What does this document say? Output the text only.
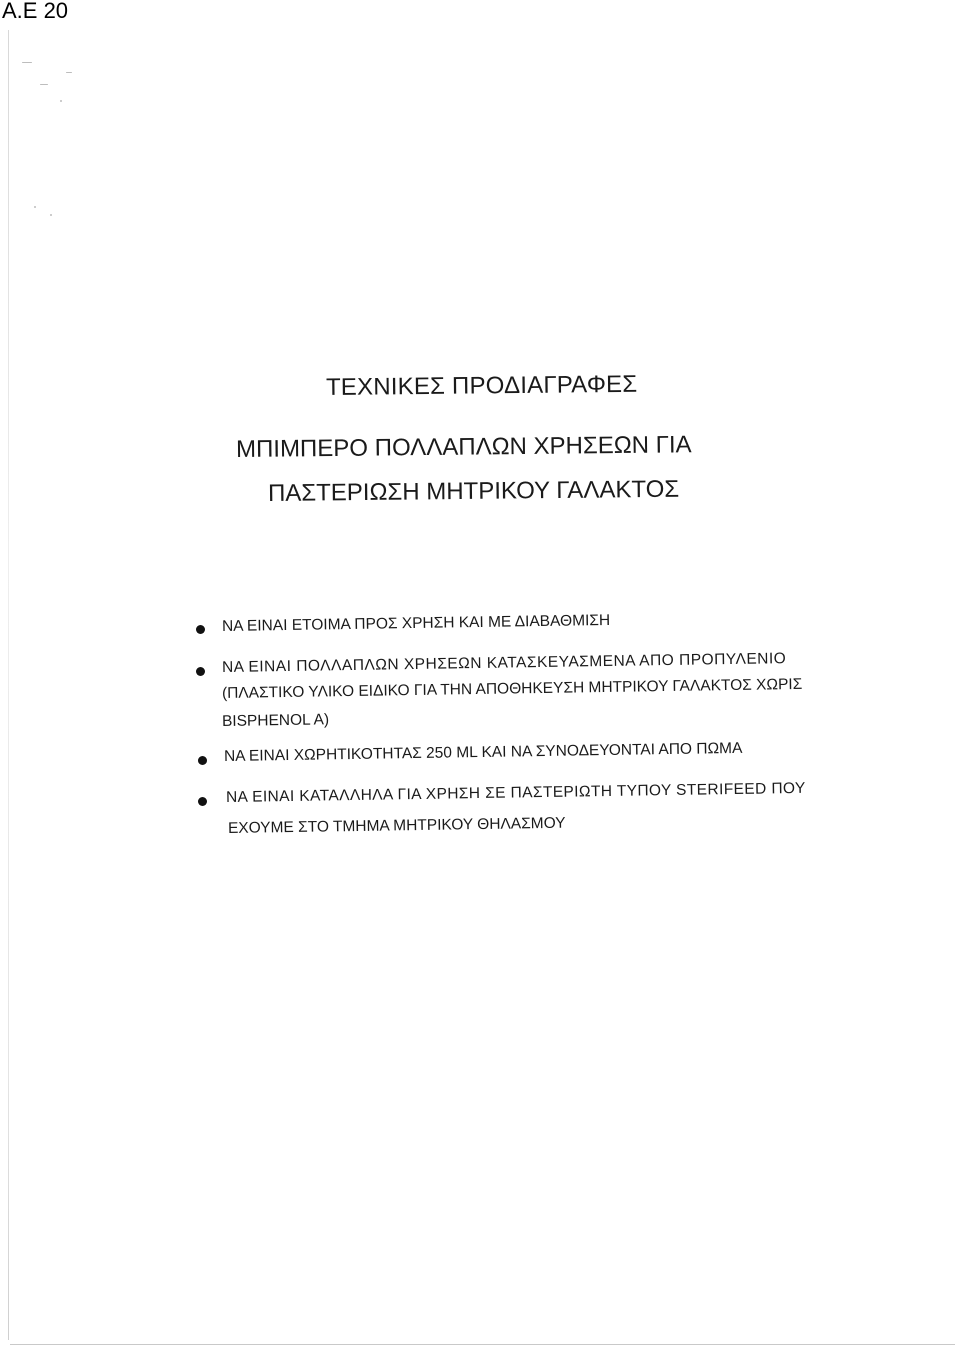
Α.Ε 20
ΤΕΧΝΙΚΕΣ ΠΡΟΔΙΑΓΡΑΦΕΣ
ΜΠΙΜΠΕΡΟ ΠΟΛΛΑΠΛΩΝ ΧΡΗΣΕΩΝ ΓΙΑ
ΠΑΣΤΕΡΙΩΣΗ ΜΗΤΡΙΚΟΥ ΓΑΛΑΚΤΟΣ
ΝΑ ΕΙΝΑΙ ΕΤΟΙΜΑ ΠΡΟΣ ΧΡΗΣΗ ΚΑΙ ΜΕ ΔΙΑΒΑΘΜΙΣΗ
ΝΑ ΕΙΝΑΙ ΠΟΛΛΑΠΛΩΝ ΧΡΗΣΕΩΝ ΚΑΤΑΣΚΕΥΑΣΜΕΝΑ ΑΠΟ ΠΡΟΠΥΛΕΝΙΟ
(ΠΛΑΣΤΙΚΟ ΥΛΙΚΟ ΕΙΔΙΚΟ ΓΙΑ ΤΗΝ ΑΠΟΘΗΚΕΥΣΗ ΜΗΤΡΙΚΟΥ ΓΑΛΑΚΤΟΣ ΧΩΡΙΣ
BISPHENOL A)
ΝΑ ΕΙΝΑΙ ΧΩΡΗΤΙΚΟΤΗΤΑΣ 250 ML ΚΑΙ ΝΑ ΣΥΝΟΔΕΥΟΝΤΑΙ ΑΠΟ ΠΩΜΑ
ΝΑ ΕΙΝΑΙ ΚΑΤΑΛΛΗΛΑ ΓΙΑ ΧΡΗΣΗ ΣΕ ΠΑΣΤΕΡΙΩΤΗ ΤΥΠΟΥ STERIFEED ΠΟΥ
ΕΧΟΥΜΕ ΣΤΟ ΤΜΗΜΑ ΜΗΤΡΙΚΟΥ ΘΗΛΑΣΜΟΥ
